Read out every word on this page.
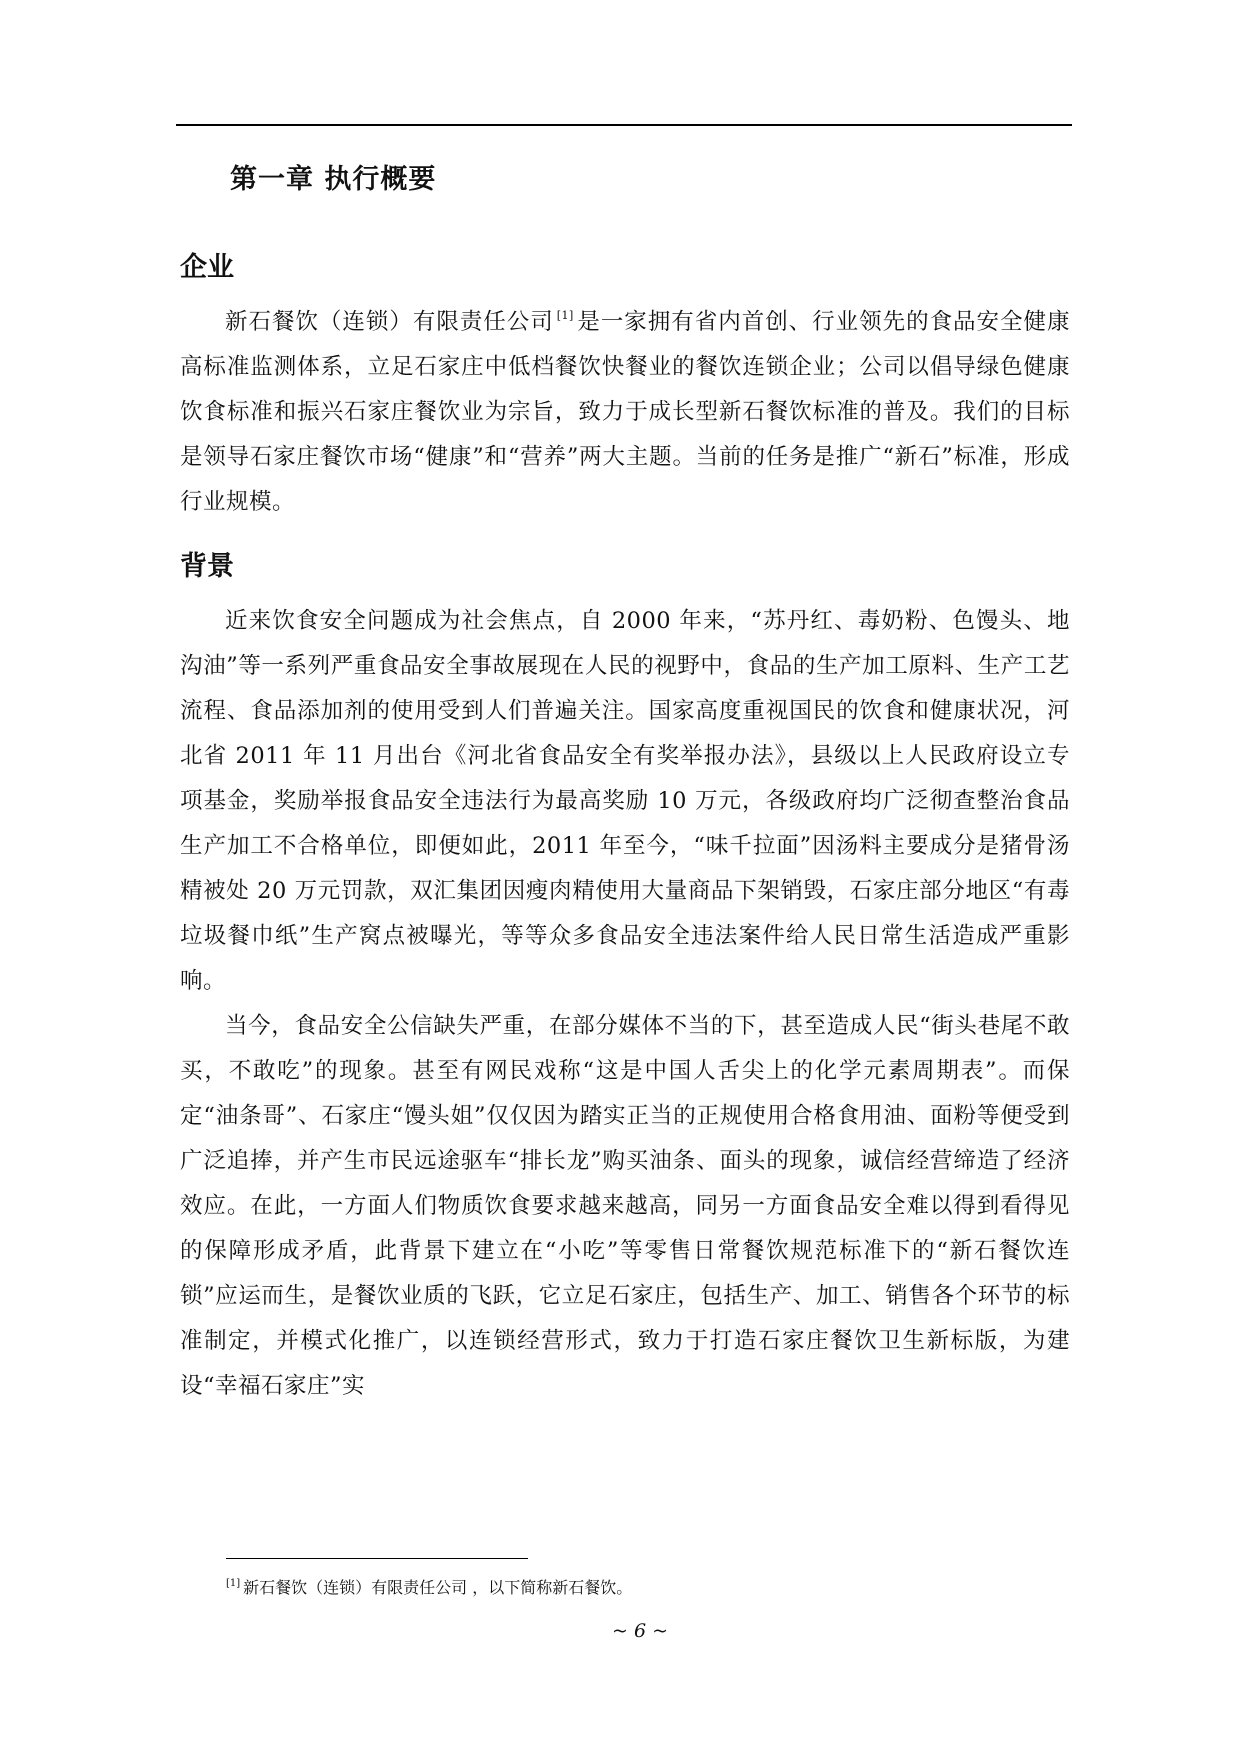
第一章 执行概要
企业

新石餐饮（连锁）有限责任公司 [1] 是一家拥有省内首创、行业领先的食品安全健康高标准监测体系，立足石家庄中低档餐饮快餐业的餐饮连锁企业；公司以倡导绿色健康饮食标准和振兴石家庄餐饮业为宗旨，致力于成长型新石餐饮标准的普及。我们的目标是领导石家庄餐饮市场“健康”和“营养”两大主题。当前的任务是推广“新石”标准，形成行业规模。

背景

近来饮食安全问题成为社会焦点，自 2000 年来，“苏丹红、毒奶粉、色馒头、地沟油”等一系列严重食品安全事故展现在人民的视野中，食品的生产加工原料、生产工艺流程、食品添加剂的使用受到人们普遍关注。国家高度重视国民的饮食和健康状况，河北省 2011 年 11 月出台《河北省食品安全有奖举报办法》，县级以上人民政府设立专项基金，奖励举报食品安全违法行为最高奖励 10 万元，各级政府均广泛彻查整治食品生产加工不合格单位，即便如此，2011 年至今，“味千拉面”因汤料主要成分是猪骨汤精被处 20 万元罚款，双汇集团因瘦肉精使用大量商品下架销毁，石家庄部分地区“有毒垃圾餐巾纸”生产窝点被曝光，等等众多食品安全违法案件给人民日常生活造成严重影响。

当今，食品安全公信缺失严重，在部分媒体不当的下，甚至造成人民“街头巷尾不敢买，不敢吃”的现象。甚至有网民戏称“这是中国人舌尖上的化学元素周期表”。而保定“油条哥”、石家庄“馒头姐”仅仅因为踏实正当的正规使用合格食用油、面粉等便受到广泛追捧，并产生市民远途驱车“排长龙”购买油条、面头的现象，诚信经营缔造了经济效应。在此，一方面人们物质饮食要求越来越高，同另一方面食品安全难以得到看得见的保障形成矛盾，此背景下建立在“小吃”等零售日常餐饮规范标准下的“新石餐饮连锁”应运而生，是餐饮业质的飞跃，它立足石家庄，包括生产、加工、销售各个环节的标准制定，并模式化推广，以连锁经营形式，致力于打造石家庄餐饮卫生新标版，为建设“幸福石家庄”实

[1] 新石餐饮（连锁）有限责任公司 ，以下简称新石餐饮。
~ 6 ~
